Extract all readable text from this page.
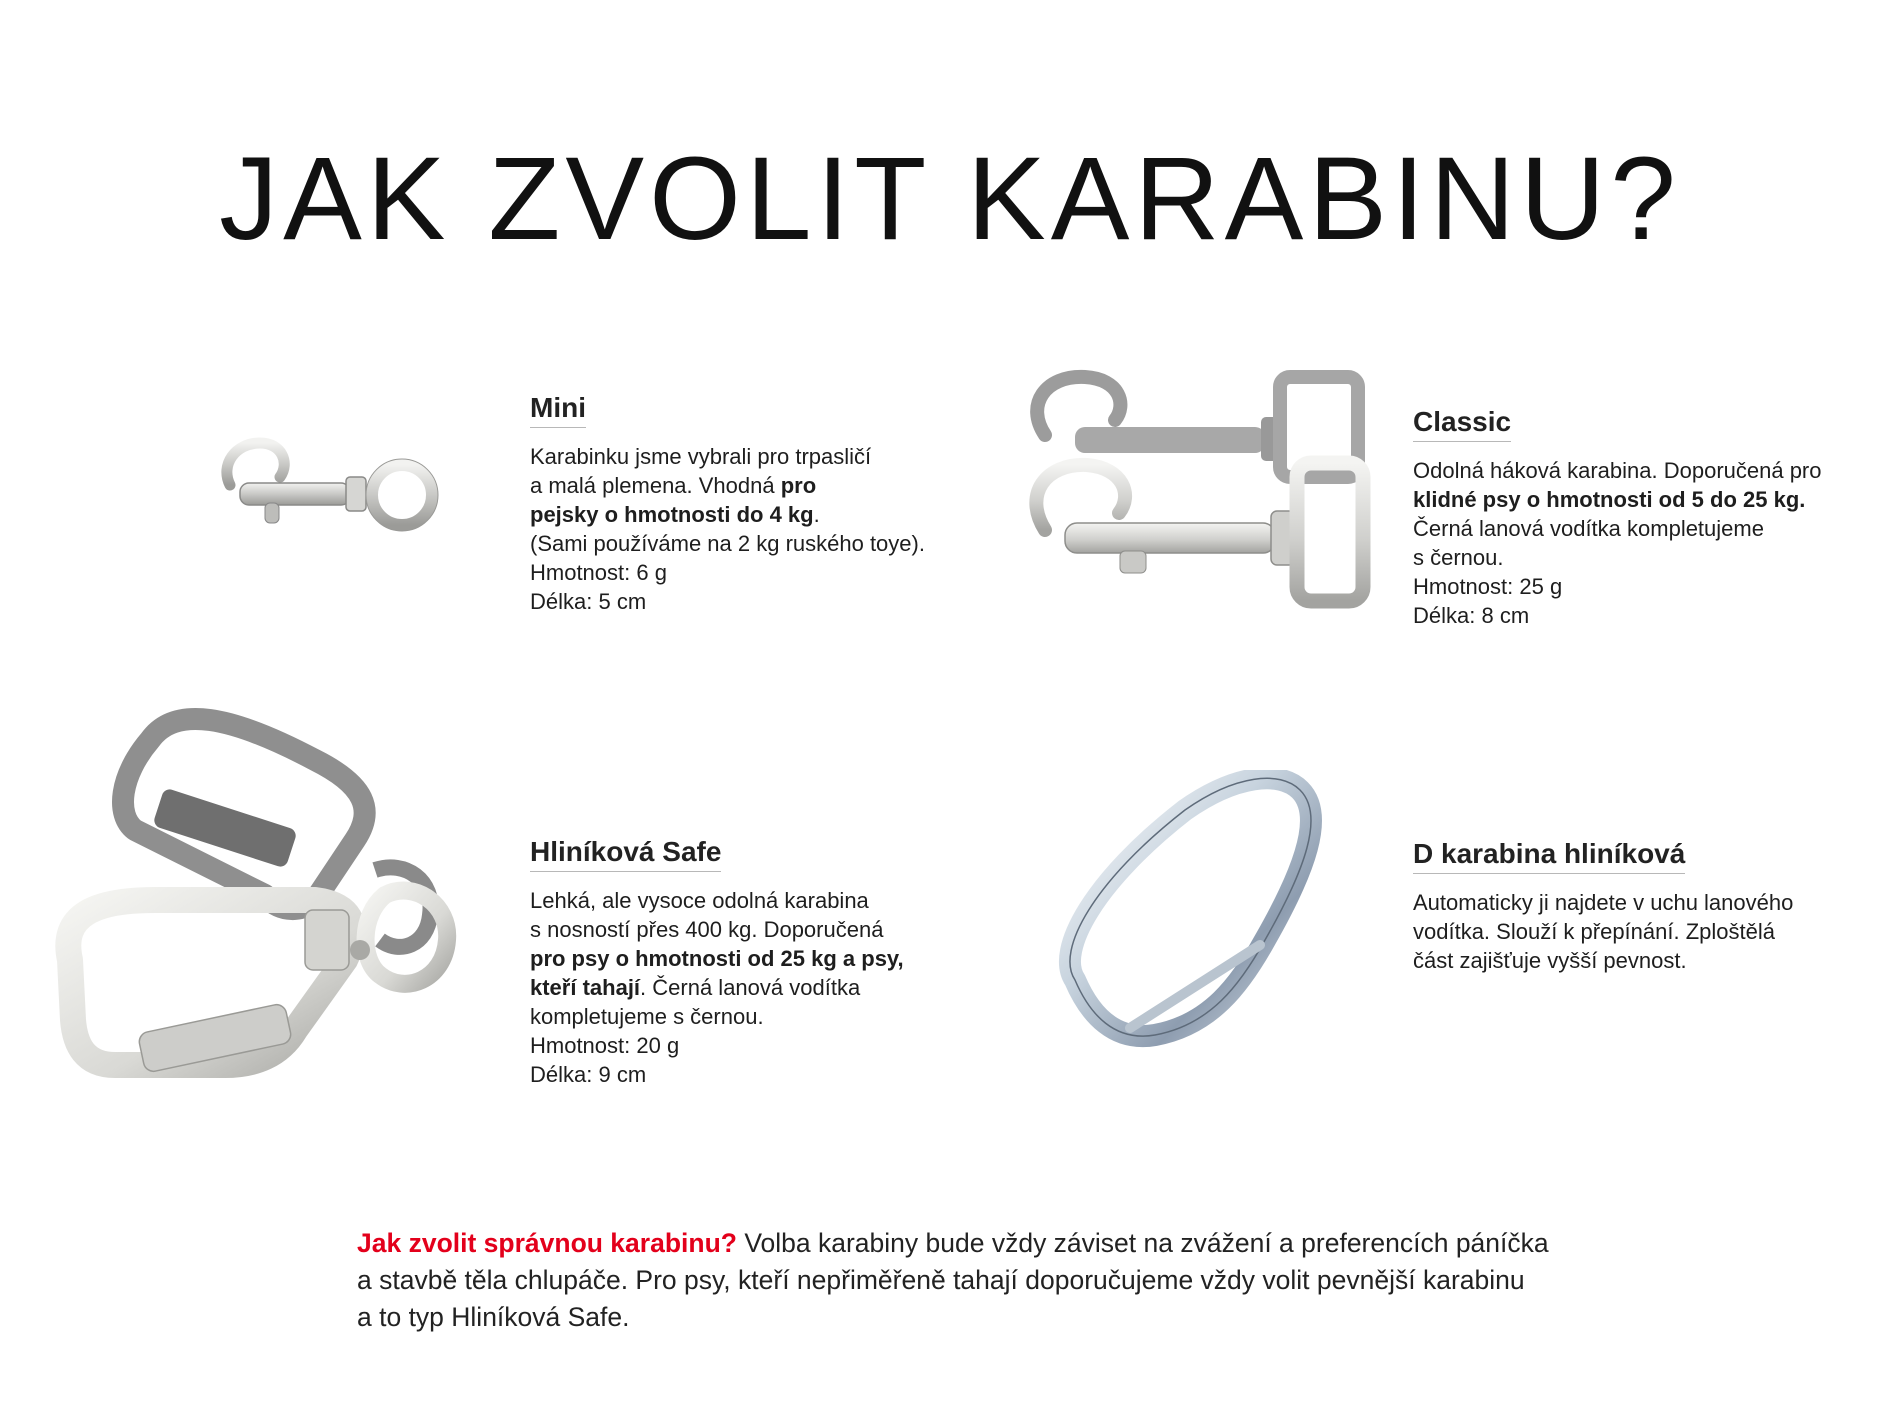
JAK ZVOLIT KARABINU?
Mini
Karabinku jsme vybrali pro trpasličí
a malá plemena. Vhodná pro
pejsky o hmotnosti do 4 kg.
(Sami používáme na 2 kg ruského toye).
Hmotnost: 6 g
Délka: 5 cm
Classic
Odolná háková karabina. Doporučená pro
klidné psy o hmotnosti od 5 do 25 kg.
Černá lanová vodítka kompletujeme
s černou.
Hmotnost: 25 g
Délka: 8 cm
Hliníková Safe
Lehká, ale vysoce odolná karabina
s nosností přes 400 kg. Doporučená
pro psy o hmotnosti od 25 kg a psy,
kteří tahají. Černá lanová vodítka
kompletujeme s černou.
Hmotnost: 20 g
Délka: 9 cm
D karabina hliníková
Automaticky ji najdete v uchu lanového
vodítka. Slouží k přepínání. Zploštělá
část zajišťuje vyšší pevnost.
Jak zvolit správnou karabinu? Volba karabiny bude vždy záviset na zvážení a preferencích páníčka
a stavbě těla chlupáče. Pro psy, kteří nepřiměřeně tahají doporučujeme vždy volit pevnější karabinu
a to typ Hliníková Safe.
